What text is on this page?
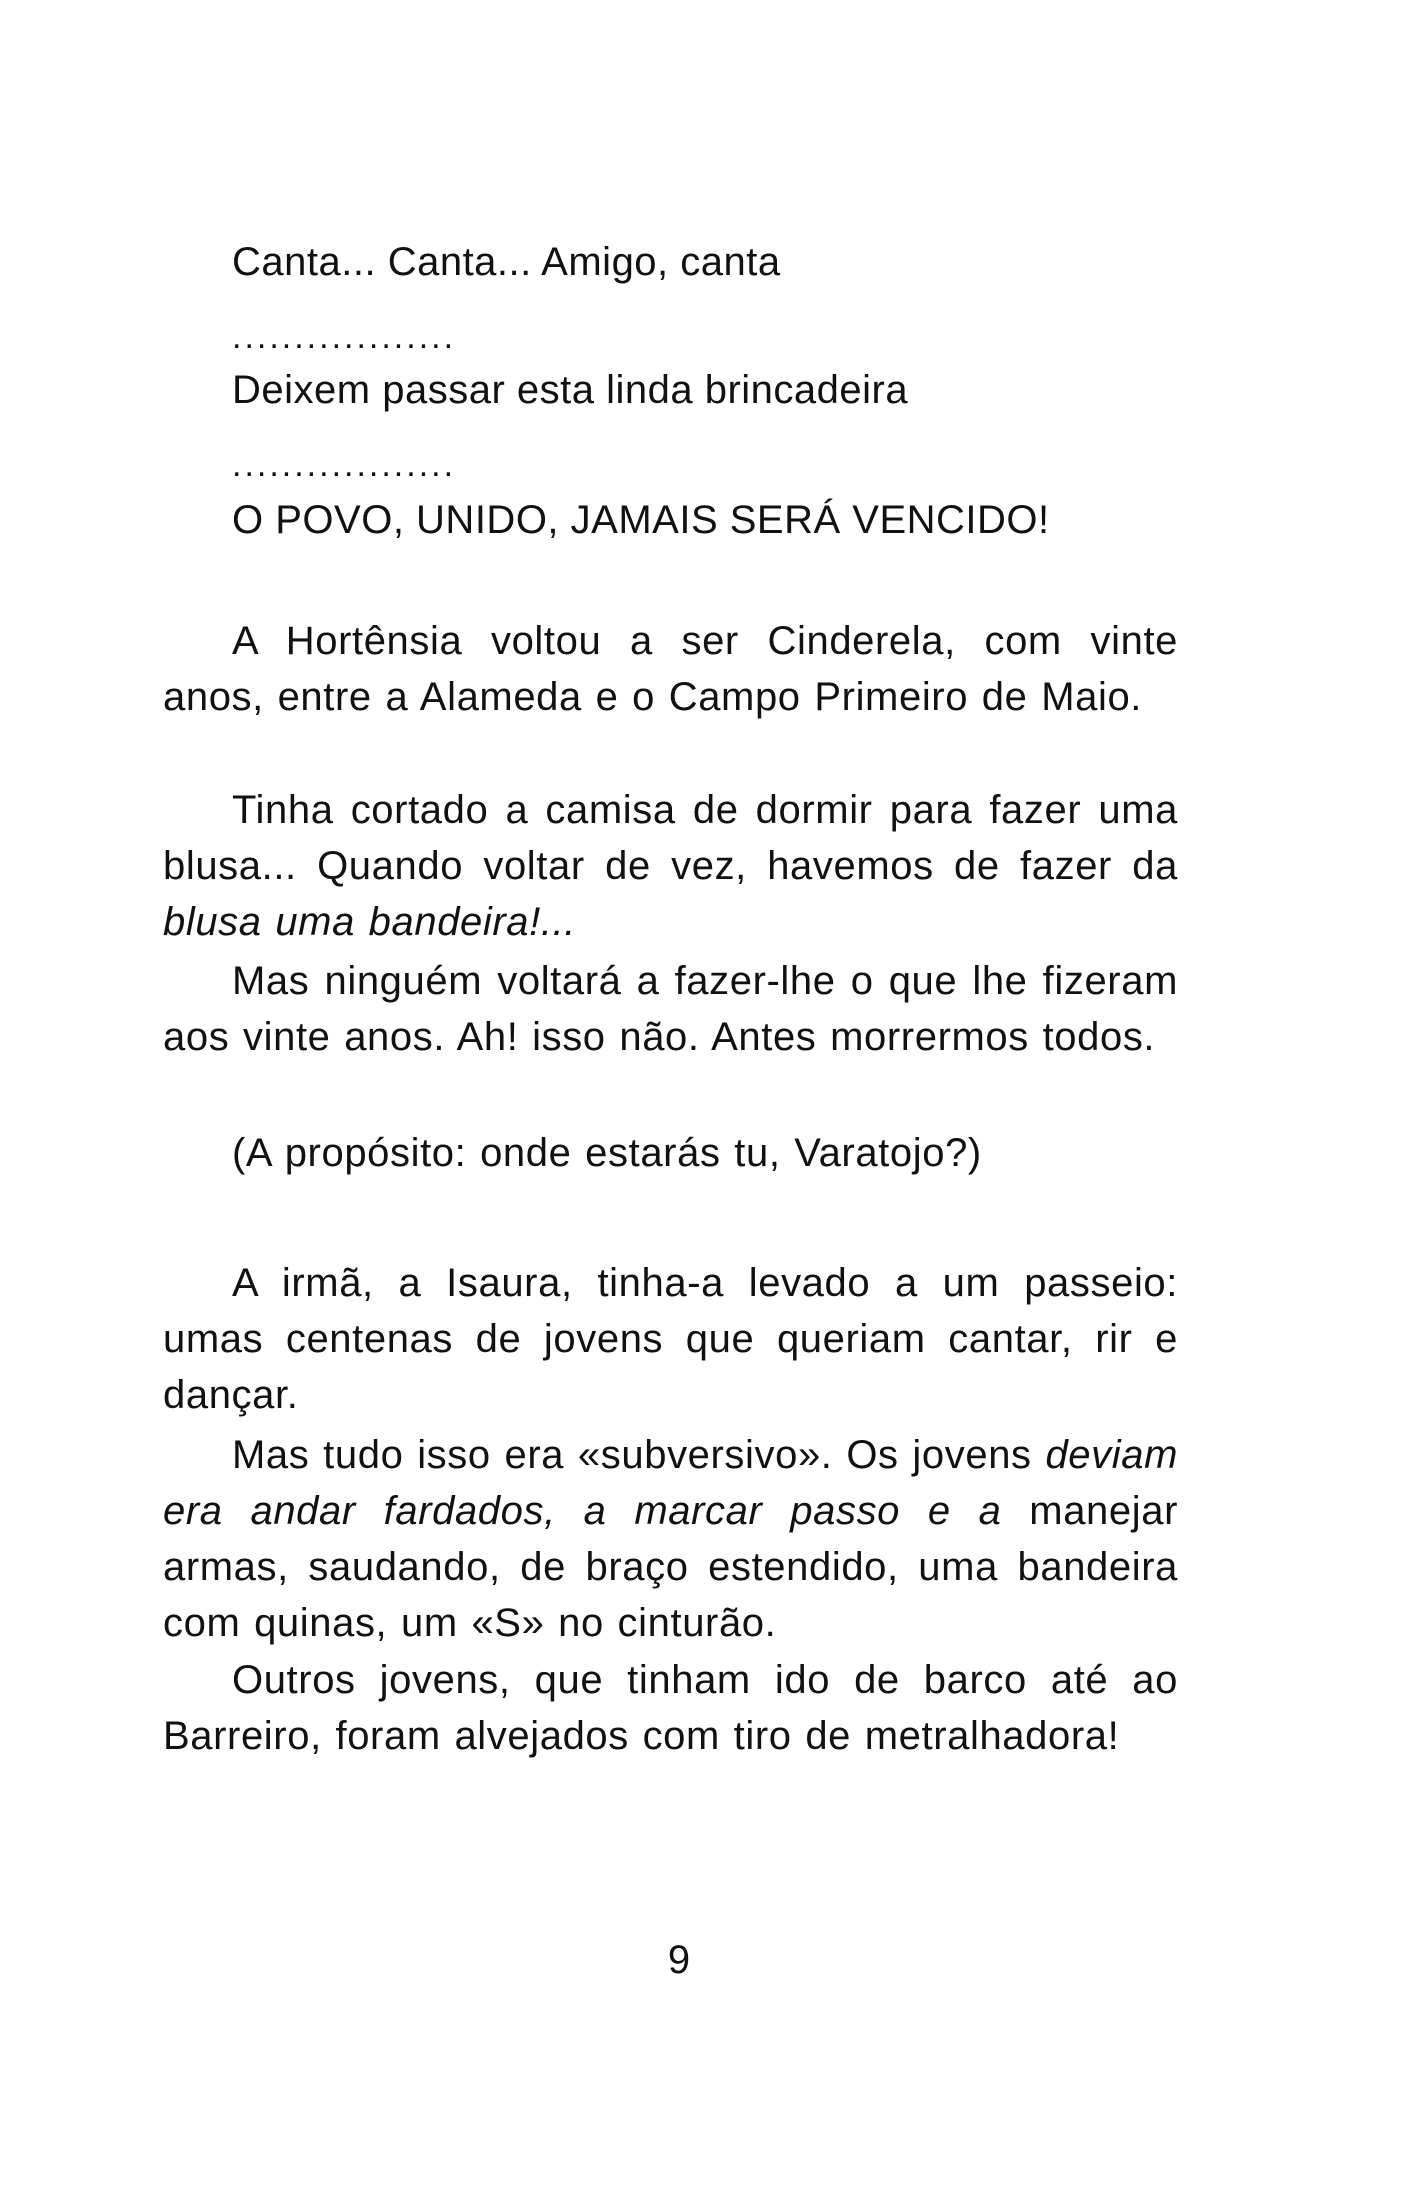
Canta... Canta... Amigo, canta
..................
Deixem passar esta linda brincadeira
..................
O POVO, UNIDO, JAMAIS SERÁ VENCIDO!
A Hortênsia voltou a ser Cinderela, com vinte anos, entre a Alameda e o Campo Primeiro de Maio.
Tinha cortado a camisa de dormir para fazer uma blusa... Quando voltar de vez, havemos de fazer da blusa uma bandeira!...
Mas ninguém voltará a fazer-lhe o que lhe fizeram aos vinte anos. Ah! isso não. Antes morrermos todos.
(A propósito: onde estarás tu, Varatojo?)
A irmã, a Isaura, tinha-a levado a um passeio: umas centenas de jovens que queriam cantar, rir e dançar.
Mas tudo isso era «subversivo». Os jovens deviam era andar fardados, a marcar passo e a manejar armas, saudando, de braço estendido, uma bandeira com quinas, um «S» no cinturão.
Outros jovens, que tinham ido de barco até ao Barreiro, foram alvejados com tiro de metralhadora!
9
